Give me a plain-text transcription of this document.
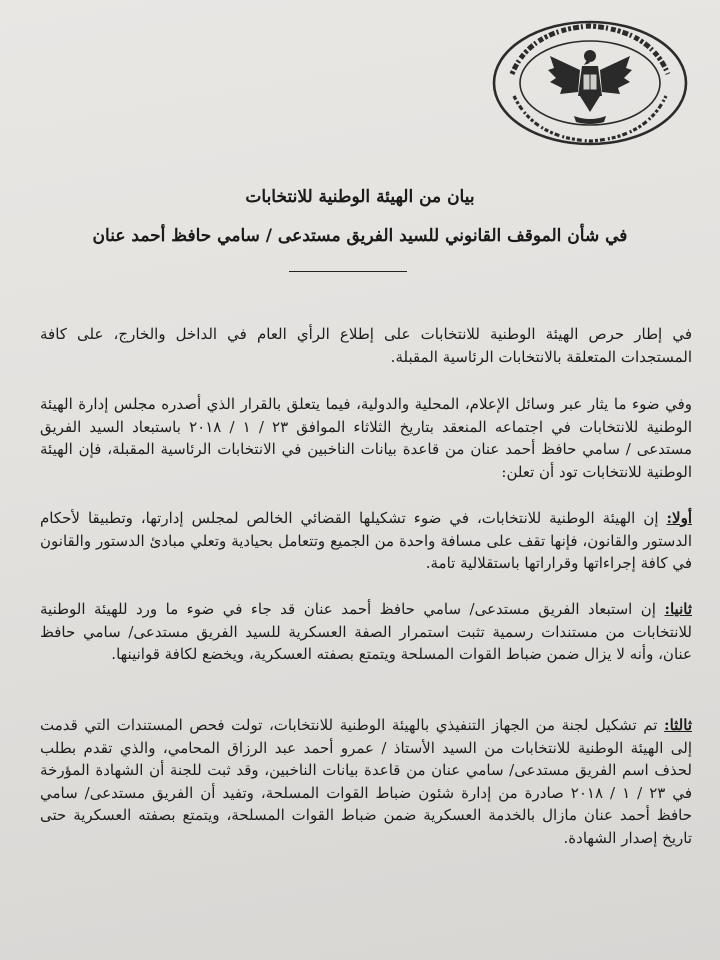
بيان من الهيئة الوطنية للانتخابات
في شأن الموقف القانوني للسيد الفريق مستدعى / سامي حافظ أحمد عنان
في إطار حرص الهيئة الوطنية للانتخابات على إطلاع الرأي العام في الداخل والخارج، على كافة المستجدات المتعلقة بالانتخابات الرئاسية المقبلة.
وفي ضوء ما يثار عبر وسائل الإعلام، المحلية والدولية، فيما يتعلق بالقرار الذي أصدره مجلس إدارة الهيئة الوطنية للانتخابات في اجتماعه المنعقد بتاريخ الثلاثاء الموافق ٢٣ / ١ / ٢٠١٨ باستبعاد السيد الفريق مستدعى / سامي حافظ أحمد عنان من قاعدة بيانات الناخبين في الانتخابات الرئاسية المقبلة، فإن الهيئة الوطنية للانتخابات تود أن تعلن:
أولا: إن الهيئة الوطنية للانتخابات، في ضوء تشكيلها القضائي الخالص لمجلس إدارتها، وتطبيقا لأحكام الدستور والقانون، فإنها تقف على مسافة واحدة من الجميع وتتعامل بحيادية وتعلي مبادئ الدستور والقانون في كافة إجراءاتها وقراراتها باستقلالية تامة.
ثانيا: إن استبعاد الفريق مستدعى/ سامي حافظ أحمد عنان قد جاء في ضوء ما ورد للهيئة الوطنية للانتخابات من مستندات رسمية تثبت استمرار الصفة العسكرية للسيد الفريق مستدعى/ سامي حافظ عنان، وأنه لا يزال ضمن ضباط القوات المسلحة ويتمتع بصفته العسكرية، ويخضع لكافة قوانينها.
ثالثا: تم تشكيل لجنة من الجهاز التنفيذي بالهيئة الوطنية للانتخابات، تولت فحص المستندات التي قدمت إلى الهيئة الوطنية للانتخابات من السيد الأستاذ / عمرو أحمد عبد الرزاق المحامي، والذي تقدم بطلب لحذف اسم الفريق مستدعى/ سامي عنان من قاعدة بيانات الناخبين، وقد ثبت للجنة أن الشهادة المؤرخة في ٢٣ / ١ / ٢٠١٨ صادرة من إدارة شئون ضباط القوات المسلحة، وتفيد أن الفريق مستدعى/ سامي حافظ أحمد عنان مازال بالخدمة العسكرية ضمن ضباط القوات المسلحة، ويتمتع بصفته العسكرية حتى تاريخ إصدار الشهادة.
